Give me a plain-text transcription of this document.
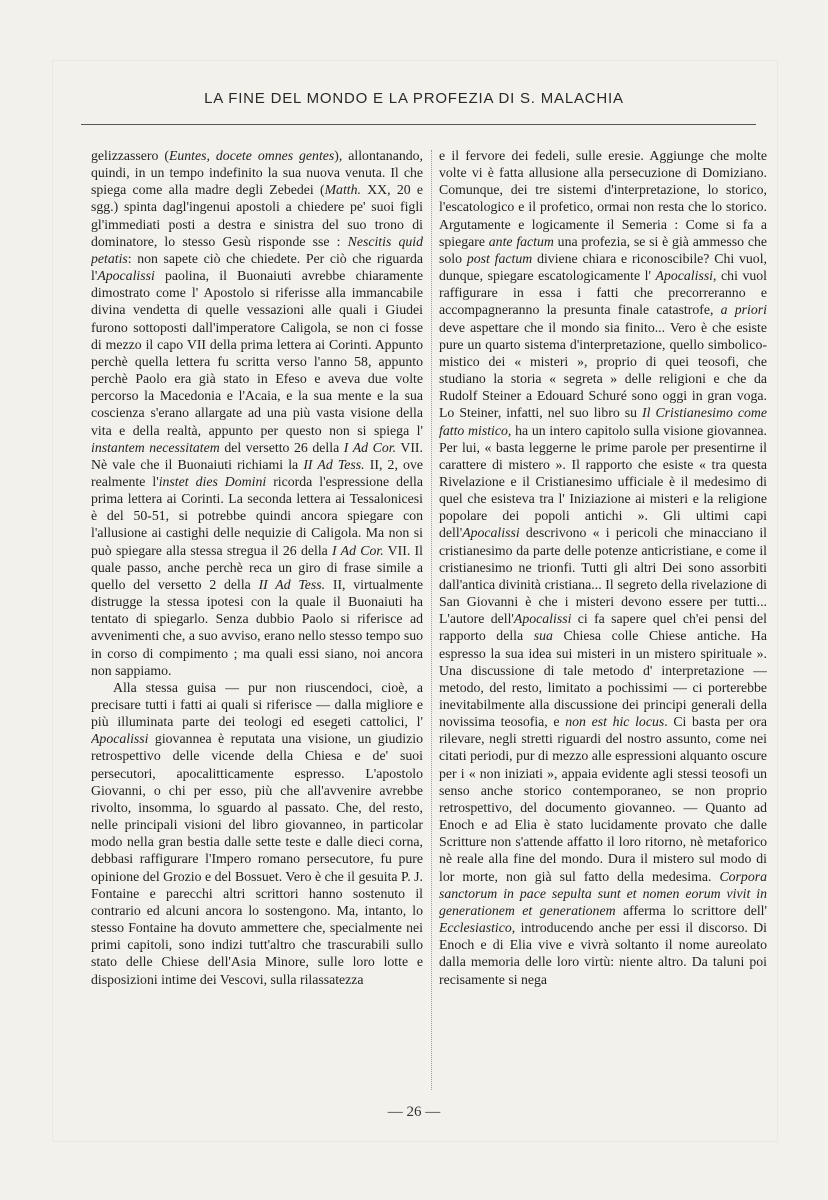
LA FINE DEL MONDO E LA PROFEZIA DI S. MALACHIA

gelizzassero (Euntes, docete omnes gentes), allontanando, quindi, in un tempo indefinito la sua nuova venuta. Il che spiega come alla madre degli Zebedei (Matth. XX, 20 e sgg.) spinta dagl'ingenui apostoli a chiedere pe' suoi figli gl'immediati posti a destra e sinistra del suo trono di dominatore, lo stesso Gesù risponde sse : Nescitis quid petatis: non sapete ciò che chiedete. Per ciò che riguarda l'Apocalissi paolina, il Buonaiuti avrebbe chiaramente dimostrato come l' Apostolo si riferisse alla immancabile divina vendetta di quelle vessazioni alle quali i Giudei furono sottoposti dall'imperatore Caligola, se non ci fosse di mezzo il capo VII della prima lettera ai Corinti. Appunto perchè quella lettera fu scritta verso l'anno 58, appunto perchè Paolo era già stato in Efeso e aveva due volte percorso la Macedonia e l'Acaia, e la sua mente e la sua coscienza s'erano allargate ad una più vasta visione della vita e della realtà, appunto per questo non si spiega l' instantem necessitatem del versetto 26 della I Ad Cor. VII. Nè vale che il Buonaiuti richiami la II Ad Tess. II, 2, ove realmente l'instet dies Domini ricorda l'espressione della prima lettera ai Corinti. La seconda lettera ai Tessalonicesi è del 50-51, si potrebbe quindi ancora spiegare con l'allusione ai castighi delle nequizie di Caligola. Ma non si può spiegare alla stessa stregua il 26 della I Ad Cor. VII. Il quale passo, anche perchè reca un giro di frase simile a quello del versetto 2 della II Ad Tess. II, virtualmente distrugge la stessa ipotesi con la quale il Buonaiuti ha tentato di spiegarlo. Senza dubbio Paolo si riferisce ad avvenimenti che, a suo avviso, erano nello stesso tempo suo in corso di compimento ; ma quali essi siano, noi ancora non sappiamo.

Alla stessa guisa — pur non riuscendoci, cioè, a precisare tutti i fatti ai quali si riferisce — dalla migliore e più illuminata parte dei teologi ed esegeti cattolici, l' Apocalissi giovannea è reputata una visione, un giudizio retrospettivo delle vicende della Chiesa e de' suoi persecutori, apocalitticamente espresso. L'apostolo Giovanni, o chi per esso, più che all'avvenire avrebbe rivolto, insomma, lo sguardo al passato. Che, del resto, nelle principali visioni del libro giovanneo, in particolar modo nella gran bestia dalle sette teste e dalle dieci corna, debbasi raffigurare l'Impero romano persecutore, fu pure opinione del Grozio e del Bossuet. Vero è che il gesuita P. J. Fontaine e parecchi altri scrittori hanno sostenuto il contrario ed alcuni ancora lo sostengono. Ma, intanto, lo stesso Fontaine ha dovuto ammettere che, specialmente nei primi capitoli, sono indizi tutt'altro che trascurabili sullo stato delle Chiese dell'Asia Minore, sulle loro lotte e disposizioni intime dei Vescovi, sulla rilassatezza

e il fervore dei fedeli, sulle eresie. Aggiunge che molte volte vi è fatta allusione alla persecuzione di Domiziano. Comunque, dei tre sistemi d'interpretazione, lo storico, l'escatologico e il profetico, ormai non resta che lo storico. Argutamente e logicamente il Semeria : Come si fa a spiegare ante factum una profezia, se si è già ammesso che solo post factum diviene chiara e riconoscibile? Chi vuol, dunque, spiegare escatologicamente l' Apocalissi, chi vuol raffigurare in essa i fatti che precorreranno e accompagneranno la presunta finale catastrofe, a priori deve aspettare che il mondo sia finito... Vero è che esiste pure un quarto sistema d'interpretazione, quello simbolico-mistico dei « misteri », proprio di quei teosofi, che studiano la storia « segreta » delle religioni e che da Rudolf Steiner a Edouard Schuré sono oggi in gran voga. Lo Steiner, infatti, nel suo libro su Il Cristianesimo come fatto mistico, ha un intero capitolo sulla visione giovannea. Per lui, « basta leggerne le prime parole per presentirne il carattere di mistero ». Il rapporto che esiste « tra questa Rivelazione e il Cristianesimo ufficiale è il medesimo di quel che esisteva tra l' Iniziazione ai misteri e la religione popolare dei popoli antichi ». Gli ultimi capi dell'Apocalissi descrivono « i pericoli che minacciano il cristianesimo da parte delle potenze anticristiane, e come il cristianesimo ne trionfi. Tutti gli altri Dei sono assorbiti dall'antica divinità cristiana... Il segreto della rivelazione di San Giovanni è che i misteri devono essere per tutti... L'autore dell'Apocalissi ci fa sapere quel ch'ei pensi del rapporto della sua Chiesa colle Chiese antiche. Ha espresso la sua idea sui misteri in un mistero spirituale ». Una discussione di tale metodo d' interpretazione — metodo, del resto, limitato a pochissimi — ci porterebbe inevitabilmente alla discussione dei principi generali della novissima teosofia, e non est hic locus. Ci basta per ora rilevare, negli stretti riguardi del nostro assunto, come nei citati periodi, pur di mezzo alle espressioni alquanto oscure per i « non iniziati », appaia evidente agli stessi teosofi un senso anche storico contemporaneo, se non proprio retrospettivo, del documento giovanneo. — Quanto ad Enoch e ad Elia è stato lucidamente provato che dalle Scritture non s'attende affatto il loro ritorno, nè metaforico nè reale alla fine del mondo. Dura il mistero sul modo di lor morte, non già sul fatto della medesima. Corpora sanctorum in pace sepulta sunt et nomen eorum vivit in generationem et generationem afferma lo scrittore dell' Ecclesiastico, introducendo anche per essi il discorso. Di Enoch e di Elia vive e vivrà soltanto il nome aureolato dalla memoria delle loro virtù: niente altro. Da taluni poi recisamente si nega

— 26 —
